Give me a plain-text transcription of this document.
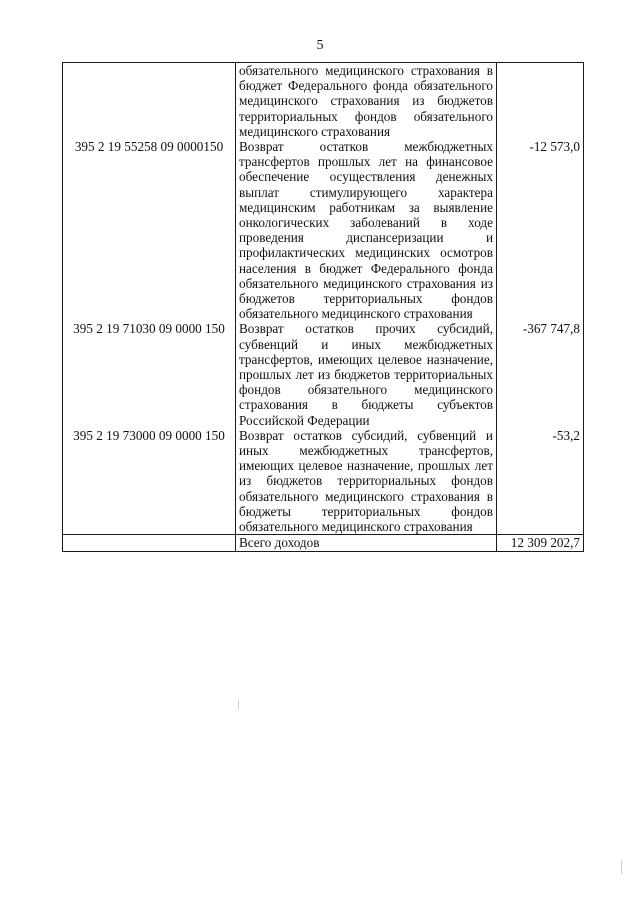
5
	обязательного медицинского страхования в бюджет Федерального фонда обязательного медицинского страхования из бюджетов территориальных фондов обязательного медицинского страхования	
395 2 19 55258 09 0000150	Возврат остатков межбюджетных трансфертов прошлых лет на финансовое обеспечение осуществления денежных выплат стимулирующего характера медицинским работникам за выявление онкологических заболеваний в ходе проведения диспансеризации и профилактических медицинских осмотров населения в бюджет Федерального фонда обязательного медицинского страхования из бюджетов территориальных фондов обязательного медицинского страхования	-12 573,0
395 2 19 71030 09 0000 150	Возврат остатков прочих субсидий, субвенций и иных межбюджетных трансфертов, имеющих целевое назначение, прошлых лет из бюджетов территориальных фондов обязательного медицинского страхования в бюджеты субъектов Российской Федерации	-367 747,8
395 2 19 73000 09 0000 150	Возврат остатков субсидий, субвенций и иных межбюджетных трансфертов, имеющих целевое назначение, прошлых лет из бюджетов территориальных фондов обязательного медицинского страхования в бюджеты территориальных фондов обязательного медицинского страхования	-53,2
	Всего доходов	12 309 202,7
